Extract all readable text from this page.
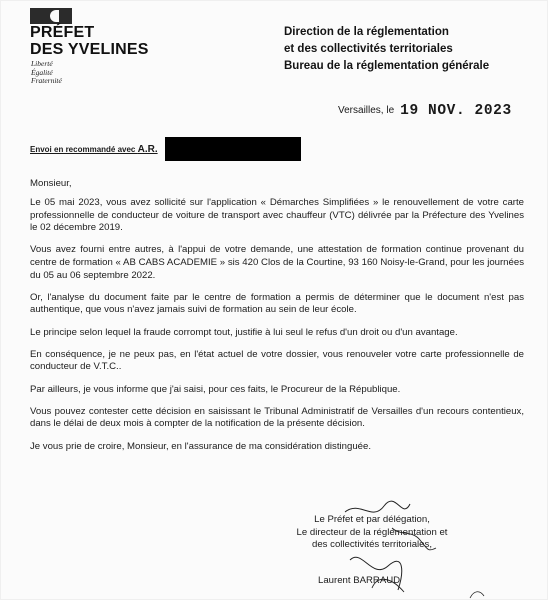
PRÉFET
DES YVELINES
Liberté
Égalité
Fraternité
Direction de la réglementation
et des collectivités territoriales
Bureau de la réglementation générale
Versailles, le 19 NOV. 2023
Envoi en recommandé avec A.R.

Monsieur,

Le 05 mai 2023, vous avez sollicité sur l'application « Démarches Simplifiées » le renouvellement de votre carte professionnelle de conducteur de voiture de transport avec chauffeur (VTC) délivrée par la Préfecture des Yvelines le 02 décembre 2019.

Vous avez fourni entre autres, à l'appui de votre demande, une attestation de formation continue provenant du centre de formation « AB CABS ACADEMIE » sis 420 Clos de la Courtine, 93 160 Noisy-le-Grand, pour les journées du 05 au 06 septembre 2022.

Or, l'analyse du document faite par le centre de formation a permis de déterminer que le document n'est pas authentique, que vous n'avez jamais suivi de formation au sein de leur école.

Le principe selon lequel la fraude corrompt tout, justifie à lui seul le refus d'un droit ou d'un avantage.

En conséquence, je ne peux pas, en l'état actuel de votre dossier, vous renouveler votre carte professionnelle de conducteur de V.T.C..

Par ailleurs, je vous informe que j'ai saisi, pour ces faits, le Procureur de la République.

Vous pouvez contester cette décision en saisissant le Tribunal Administratif de Versailles d'un recours contentieux, dans le délai de deux mois à compter de la notification de la présente décision.

Je vous prie de croire, Monsieur, en l'assurance de ma considération distinguée.

Le Préfet et par délégation,
Le directeur de la réglementation et
des collectivités territoriales,
Laurent BARRAUD
